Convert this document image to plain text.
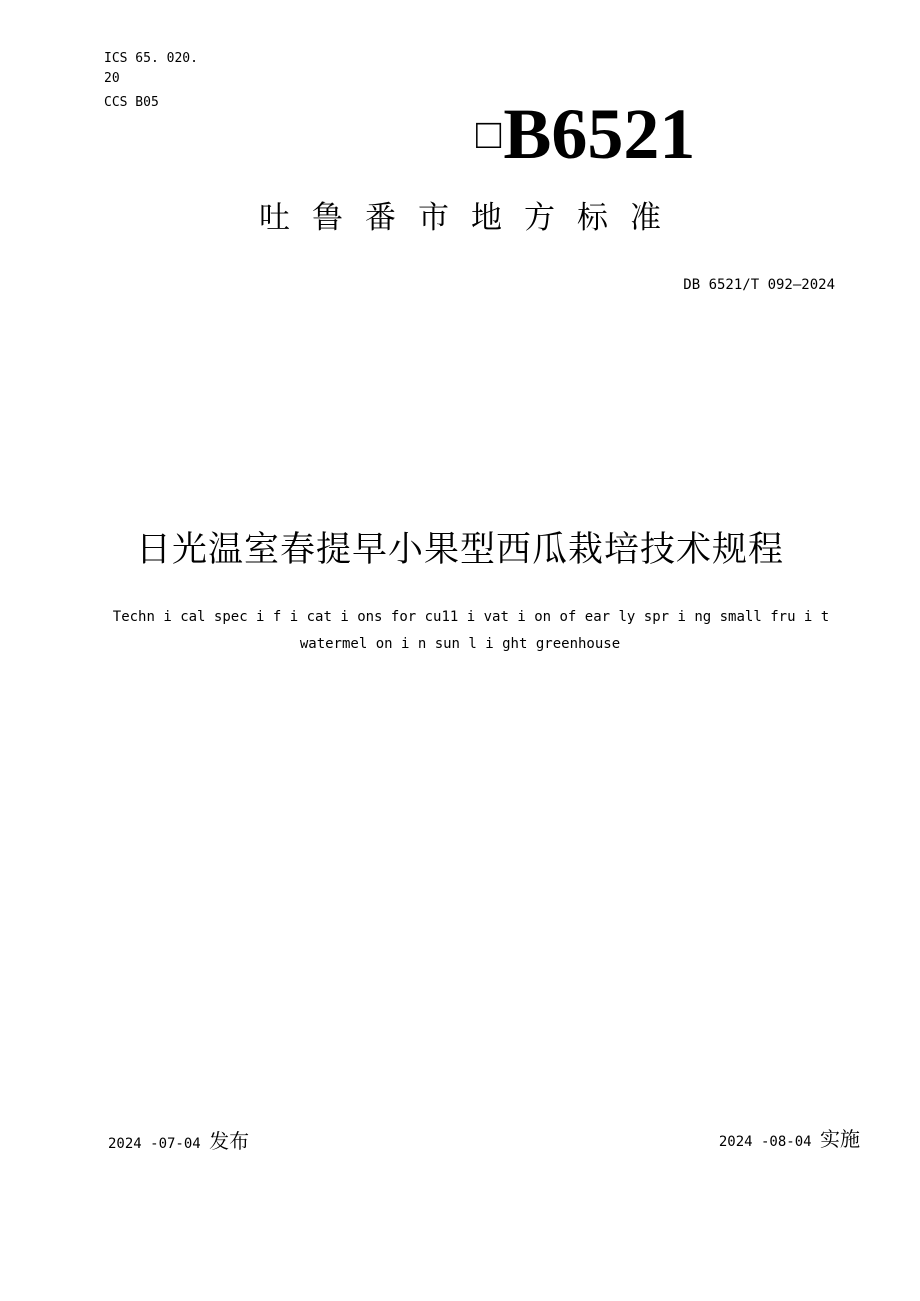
ICS 65. 020.
20
CCS B05
□B6521
吐鲁番市地方标准
DB 6521/T 092—2024
日光温室春提早小果型西瓜栽培技术规程
Techn i cal spec i f i cat i ons for cu11 i vat i on of ear ly spr i ng small fru i t
watermel on i n sun l i ght greenhouse
2024 -07-04 发布	2024 -08-04 实施
